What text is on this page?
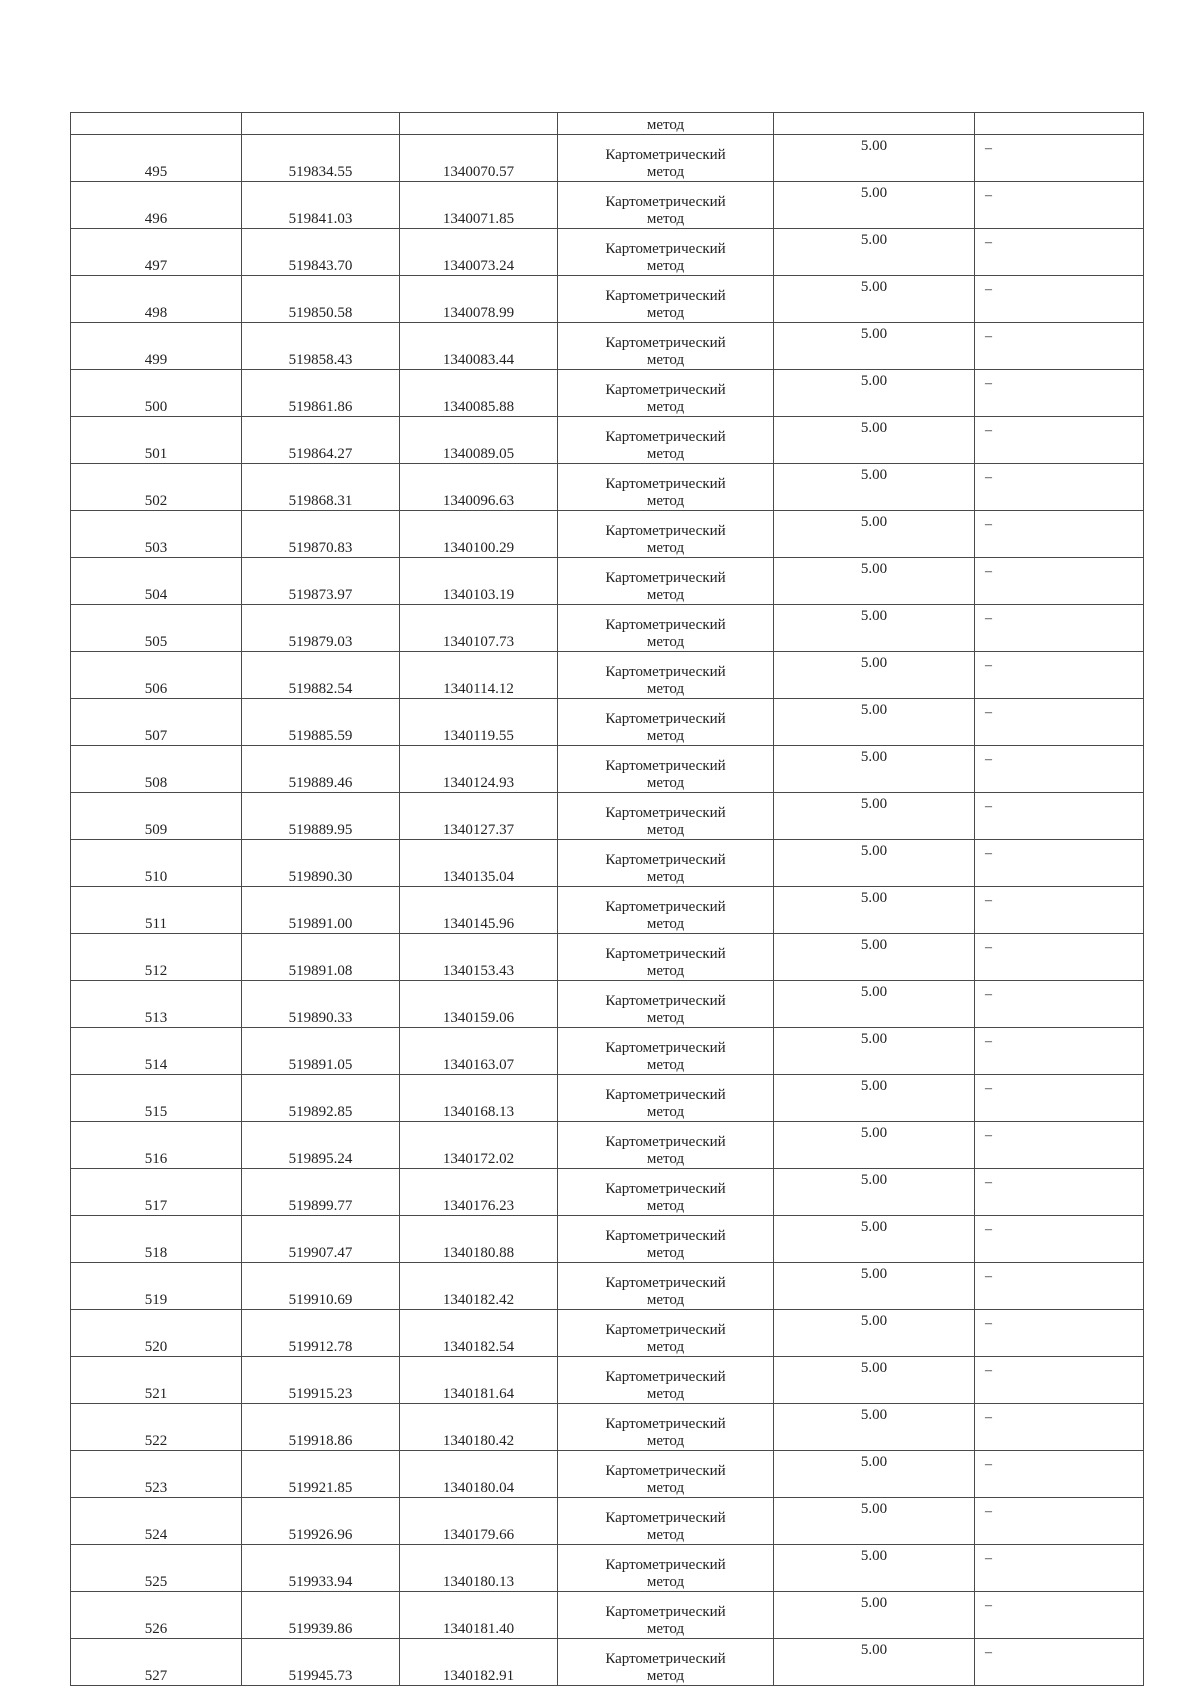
			метод		
495	519834.55	1340070.57	Картометрический
метод	5.00	–
496	519841.03	1340071.85	Картометрический
метод	5.00	–
497	519843.70	1340073.24	Картометрический
метод	5.00	–
498	519850.58	1340078.99	Картометрический
метод	5.00	–
499	519858.43	1340083.44	Картометрический
метод	5.00	–
500	519861.86	1340085.88	Картометрический
метод	5.00	–
501	519864.27	1340089.05	Картометрический
метод	5.00	–
502	519868.31	1340096.63	Картометрический
метод	5.00	–
503	519870.83	1340100.29	Картометрический
метод	5.00	–
504	519873.97	1340103.19	Картометрический
метод	5.00	–
505	519879.03	1340107.73	Картометрический
метод	5.00	–
506	519882.54	1340114.12	Картометрический
метод	5.00	–
507	519885.59	1340119.55	Картометрический
метод	5.00	–
508	519889.46	1340124.93	Картометрический
метод	5.00	–
509	519889.95	1340127.37	Картометрический
метод	5.00	–
510	519890.30	1340135.04	Картометрический
метод	5.00	–
511	519891.00	1340145.96	Картометрический
метод	5.00	–
512	519891.08	1340153.43	Картометрический
метод	5.00	–
513	519890.33	1340159.06	Картометрический
метод	5.00	–
514	519891.05	1340163.07	Картометрический
метод	5.00	–
515	519892.85	1340168.13	Картометрический
метод	5.00	–
516	519895.24	1340172.02	Картометрический
метод	5.00	–
517	519899.77	1340176.23	Картометрический
метод	5.00	–
518	519907.47	1340180.88	Картометрический
метод	5.00	–
519	519910.69	1340182.42	Картометрический
метод	5.00	–
520	519912.78	1340182.54	Картометрический
метод	5.00	–
521	519915.23	1340181.64	Картометрический
метод	5.00	–
522	519918.86	1340180.42	Картометрический
метод	5.00	–
523	519921.85	1340180.04	Картометрический
метод	5.00	–
524	519926.96	1340179.66	Картометрический
метод	5.00	–
525	519933.94	1340180.13	Картометрический
метод	5.00	–
526	519939.86	1340181.40	Картометрический
метод	5.00	–
527	519945.73	1340182.91	Картометрический
метод	5.00	–
